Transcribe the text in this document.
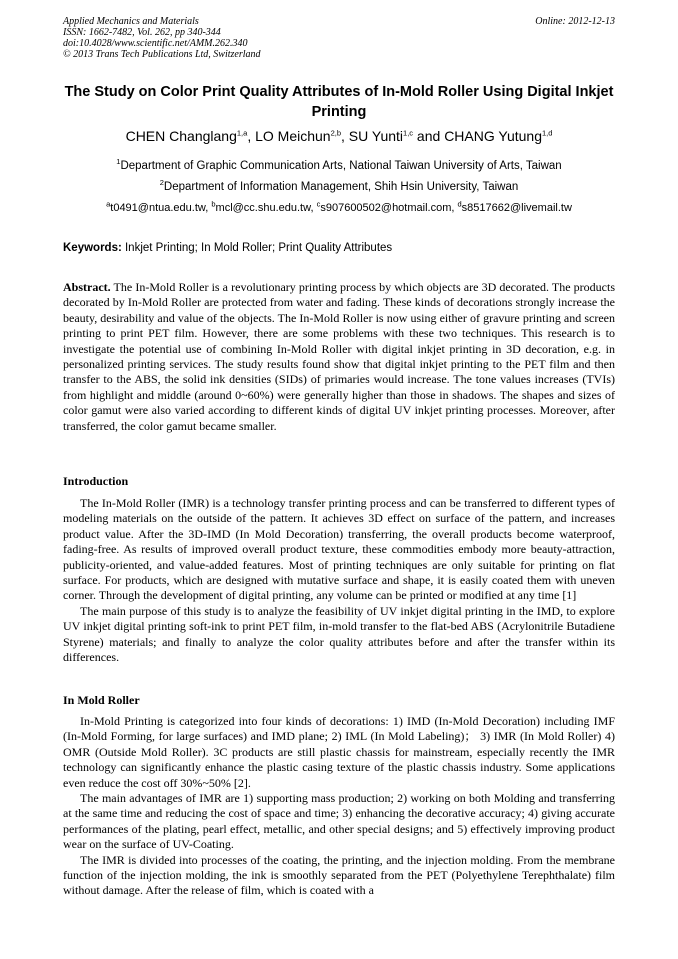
Applied Mechanics and Materials
ISSN: 1662-7482, Vol. 262, pp 340-344
doi:10.4028/www.scientific.net/AMM.262.340
© 2013 Trans Tech Publications Ltd, Switzerland
Online: 2012-12-13
The Study on Color Print Quality Attributes of In-Mold Roller Using Digital Inkjet Printing
CHEN Changlang$^{1,a}$, LO Meichun$^{2,b}$, SU Yunti$^{1,c}$ and CHANG Yutung$^{1,d}$
$^1$Department of Graphic Communication Arts, National Taiwan University of Arts, Taiwan
$^2$Department of Information Management, Shih Hsin University, Taiwan
$^a$t0491@ntua.edu.tw, $^b$mcl@cc.shu.edu.tw, $^c$s907600502@hotmail.com, $^d$s8517662@livemail.tw
Keywords: Inkjet Printing; In Mold Roller; Print Quality Attributes

Abstract. The In-Mold Roller is a revolutionary printing process by which objects are 3D decorated. The products decorated by In-Mold Roller are protected from water and fading. These kinds of decorations strongly increase the beauty, desirability and value of the objects. The In-Mold Roller is now using either of gravure printing and screen printing to print PET film. However, there are some problems with these two techniques. This research is to investigate the potential use of combining In-Mold Roller with digital inkjet printing in 3D decoration, e.g. in personalized printing services. The study results found show that digital inkjet printing to the PET film and then transfer to the ABS, the solid ink densities (SIDs) of primaries would increase. The tone values increases (TVIs) from highlight and middle (around 0~60%) were generally higher than those in shadows. The shapes and sizes of color gamut were also varied according to different kinds of digital UV inkjet printing processes. Moreover, after transferred, the color gamut became smaller.

Introduction

The In-Mold Roller (IMR) is a technology transfer printing process and can be transferred to different types of modeling materials on the outside of the pattern. It achieves 3D effect on surface of the pattern, and increases product value. After the 3D-IMD (In Mold Decoration) transferring, the overall products become waterproof, fading-free. As results of improved overall product texture, these commodities embody more beauty-attraction, publicity-oriented, and value-added features. Most of printing techniques are only suitable for printing on flat surface. For products, which are designed with mutative surface and shape, it is easily coated them with uneven corner. Through the development of digital printing, any volume can be printed or modified at any time [1]

The main purpose of this study is to analyze the feasibility of UV inkjet digital printing in the IMD, to explore UV inkjet digital printing soft-ink to print PET film, in-mold transfer to the flat-bed ABS (Acrylonitrile Butadiene Styrene) materials; and finally to analyze the color quality attributes before and after the transfer within its differences.

In Mold Roller

In-Mold Printing is categorized into four kinds of decorations: 1) IMD (In-Mold Decoration) including IMF (In-Mold Forming, for large surfaces) and IMD plane; 2) IML (In Mold Labeling)； 3) IMR (In Mold Roller) 4) OMR (Outside Mold Roller). 3C products are still plastic chassis for mainstream, especially recently the IMR technology can significantly enhance the plastic casing texture of the plastic chassis industry. Some applications even reduce the cost off 30%~50% [2].

The main advantages of IMR are 1) supporting mass production; 2) working on both Molding and transferring at the same time and reducing the cost of space and time; 3) enhancing the decorative accuracy; 4) giving accurate performances of the plating, pearl effect, metallic, and other special designs; and 5) effectively improving product wear on the surface of UV-Coating.

The IMR is divided into processes of the coating, the printing, and the injection molding. From the membrane function of the injection molding, the ink is smoothly separated from the PET (Polyethylene Terephthalate) film without damage. After the release of film, which is coated with a
